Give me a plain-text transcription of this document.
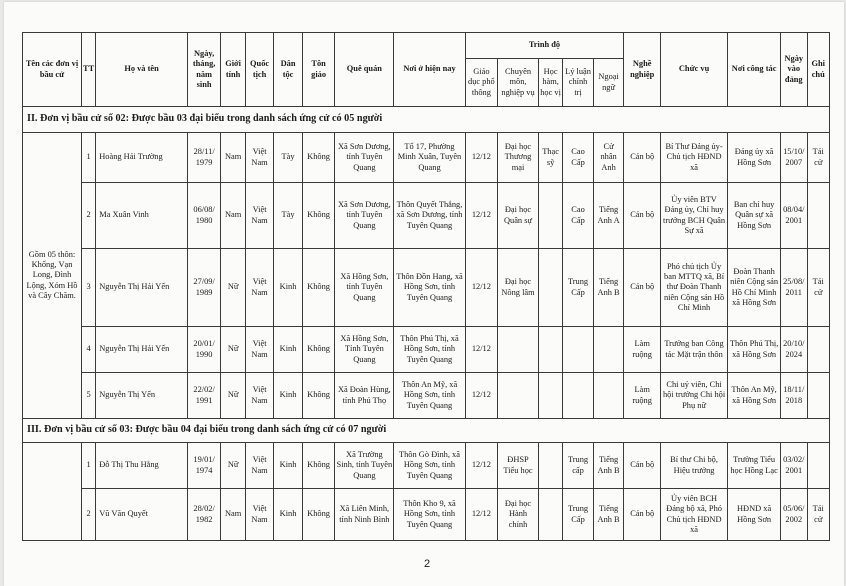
Tên các đơn vị bầu cử	TT	Họ và tên	Ngày, tháng, năm sinh	Giới tính	Quốc tịch	Dân tộc	Tôn giáo	Quê quán	Nơi ở hiện nay	Trình độ					Nghề nghiệp	Chức vụ	Nơi công tác	Ngày vào đảng	Ghi chú
										Giáo dục phổ thông	Chuyên môn, nghiệp vụ	Học hàm, học vị	Lý luận chính trị	Ngoại ngữ					
II. Đơn vị bầu cử số 02: Được bầu 03 đại biểu trong danh sách ứng cử có 05 người																			
Gồm 05 thôn: Khổng, Vạn Long, Đình Lộng, Xóm Hồ và Cây Chăm.	1	Hoàng Hải Trường	28/11/ 1979	Nam	Việt Nam	Tày	Không	Xã Sơn Dương, tỉnh Tuyên Quang	Tổ 17, Phường Minh Xuân, Tuyên Quang	12/12	Đại học Thương mại	Thạc sỹ	Cao Cấp	Cử nhân Anh	Cán bộ	Bí Thư Đảng ủy- Chủ tịch HĐND xã	Đảng ủy xã Hồng Sơn	15/10/ 2007	Tái cử
	2	Ma Xuân Vinh	06/08/ 1980	Nam	Việt Nam	Tày	Không	Xã Sơn Dương, tỉnh Tuyên Quang	Thôn Quyết Thắng, xã Sơn Dương, tỉnh Tuyên Quang	12/12	Đại học Quân sự		Cao Cấp	Tiếng Anh A	Cán bộ	Ủy viên BTV Đảng ủy, Chỉ huy trưởng BCH Quân Sự xã	Ban chỉ huy Quân sự xã Hồng Sơn	08/04/ 2001	
	3	Nguyễn Thị Hải Yến	27/09/ 1989	Nữ	Việt Nam	Kinh	Không	Xã Hồng Sơn, tỉnh Tuyên Quang	Thôn Đồn Hang, xã Hồng Sơn, tỉnh Tuyên Quang	12/12	Đại học Nông lâm		Trung Cấp	Tiếng Anh B	Cán bộ	Phó chủ tịch Ủy ban MTTQ xã, Bí thư Đoàn Thanh niên Cộng sản Hồ Chí Minh	Đoàn Thanh niên Cộng sản Hồ Chí Minh xã Hồng Sơn	25/08/ 2011	Tái cử
	4	Nguyễn Thị Hải Yến	20/01/ 1990	Nữ	Việt Nam	Kinh	Không	Xã Hồng Sơn, Tỉnh Tuyên Quang	Thôn Phú Thị, xã Hồng Sơn, tỉnh Tuyên Quang	12/12					Làm ruộng	Trưởng ban Công tác Mặt trận thôn	Thôn Phú Thị, xã Hồng Sơn	20/10/ 2024	
	5	Nguyễn Thị Yến	22/02/ 1991	Nữ	Việt Nam	Kinh	Không	Xã Đoàn Hùng, tỉnh Phú Thọ	Thôn An Mỹ, xã Hồng Sơn, tỉnh Tuyên Quang	12/12					Làm ruộng	Chi uỷ viên, Chi hội trưởng Chi hội Phụ nữ	Thôn An Mỹ, xã Hồng Sơn	18/11/ 2018	
III. Đơn vị bầu cử số 03: Được bầu 04 đại biểu trong danh sách ứng cử có 07 người																			
	1	Đỗ Thị Thu Hằng	19/01/ 1974	Nữ	Việt Nam	Kinh	Không	Xã Trường Sinh, tỉnh Tuyên Quang	Thôn Gò Đình, xã Hồng Sơn, tỉnh Tuyên Quang	12/12	ĐHSP Tiểu học		Trung cấp	Tiếng Anh B	Cán bộ	Bí thư Chi bộ, Hiệu trưởng	Trường Tiểu học Hồng Lạc	03/02/ 2001	
	2	Vũ Văn Quyết	28/02/ 1982	Nam	Việt Nam	Kinh	Không	Xã Liên Minh, tỉnh Ninh Bình	Thôn Kho 9, xã Hồng Sơn, tỉnh Tuyên Quang	12/12	Đại học Hành chính		Trung Cấp	Tiếng Anh B	Cán bộ	Ủy viên BCH Đảng bộ xã, Phó Chủ tịch HĐND xã	HĐND xã Hồng Sơn	05/06/ 2002	Tái cử
2
